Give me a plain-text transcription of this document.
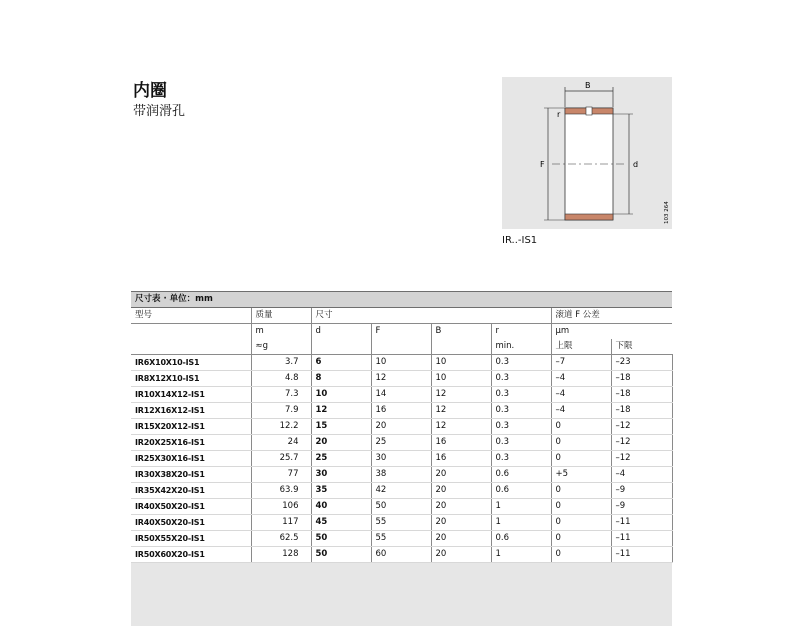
内圈
带润滑孔
B
F	d
r
103 264
IR..-IS1
尺寸表 · 单位：mm
型号	质量	尺寸				滚道 F 公差	
	m	d	F	B	r	μm	
	≈g				min.	上限	下限
IR6X10X10-IS1	3.7	6	10	10	0.3	–7	–23
IR8X12X10-IS1	4.8	8	12	10	0.3	–4	–18
IR10X14X12-IS1	7.3	10	14	12	0.3	–4	–18
IR12X16X12-IS1	7.9	12	16	12	0.3	–4	–18
IR15X20X12-IS1	12.2	15	20	12	0.3	0	–12
IR20X25X16-IS1	24	20	25	16	0.3	0	–12
IR25X30X16-IS1	25.7	25	30	16	0.3	0	–12
IR30X38X20-IS1	77	30	38	20	0.6	+5	–4
IR35X42X20-IS1	63.9	35	42	20	0.6	0	–9
IR40X50X20-IS1	106	40	50	20	1	0	–9
IR40X50X20-IS1	117	45	55	20	1	0	–11
IR50X55X20-IS1	62.5	50	55	20	0.6	0	–11
IR50X60X20-IS1	128	50	60	20	1	0	–11
